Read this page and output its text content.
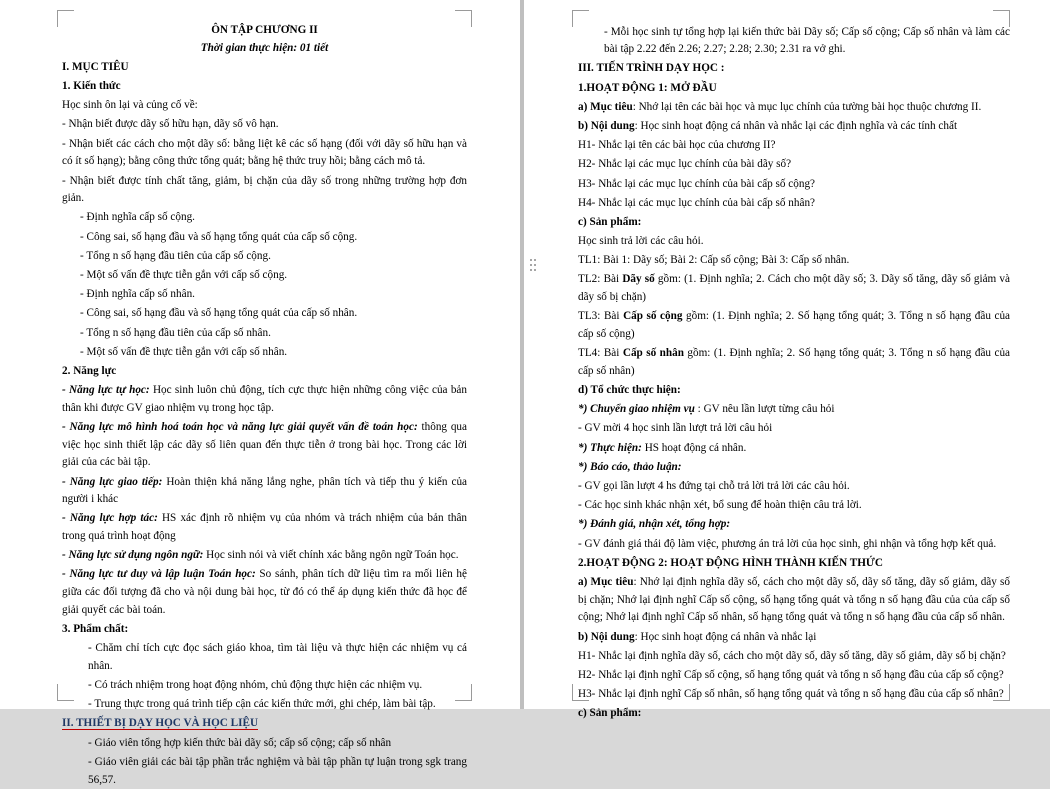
ÔN TẬP CHƯƠNG II

Thời gian thực hiện: 01 tiết

I. MỤC TIÊU

1. Kiến thức

Học sinh ôn lại và củng cố về:

- Nhận biết được dãy số hữu hạn, dãy số vô hạn.

- Nhận biết các cách cho một dãy số: bằng liệt kê các số hạng (đối với dãy số hữu hạn và có ít số hạng); bằng công thức tổng quát; bằng hệ thức truy hồi; bằng cách mô tả.

- Nhận biết được tính chất tăng, giảm, bị chặn của dãy số trong những trường hợp đơn giản.

- Định nghĩa cấp số cộng.

- Công sai, số hạng đầu và số hạng tổng quát của cấp số cộng.

- Tổng n số hạng đầu tiên của cấp số cộng.

- Một số vấn đề thực tiễn gắn với cấp số cộng.

- Định nghĩa cấp số nhân.

- Công sai, số hạng đầu và số hạng tổng quát của cấp số nhân.

- Tổng n số hạng đầu tiên của cấp số nhân.

- Một số vấn đề thực tiễn gắn với cấp số nhân.

2. Năng lực

- Năng lực tự học: Học sinh luôn chủ động, tích cực thực hiện những công việc của bản thân khi được GV giao nhiệm vụ trong học tập.

- Năng lực mô hình hoá toán học và năng lực giải quyết vấn đề toán học: thông qua việc học sinh thiết lập các dãy số liên quan đến thực tiễn ở trong bài học. Trong các lời giải của các bài tập.

- Năng lực giao tiếp: Hoàn thiện khả năng lắng nghe, phân tích và tiếp thu ý kiến của người i khác

- Năng lực hợp tác: HS xác định rõ nhiệm vụ của nhóm và trách nhiệm của bản thân trong quá trình hoạt động

- Năng lực sử dụng ngôn ngữ: Học sinh nói và viết chính xác bằng ngôn ngữ Toán học.

- Năng lực tư duy và lập luận Toán học: So sánh, phân tích dữ liệu tìm ra mối liên hệ giữa các đối tượng đã cho và nội dung bài học, từ đó có thể áp dụng kiến thức đã học để giải quyết các bài toán.

3. Phẩm chất:

- Chăm chỉ tích cực đọc sách giáo khoa, tìm tài liệu và thực hiện các nhiệm vụ cá nhân.

- Có trách nhiệm trong hoạt động nhóm, chủ động thực hiện các nhiệm vụ.

- Trung thực trong quá trình tiếp cận các kiến thức mới, ghi chép, làm bài tập.

II. THIẾT BỊ DẠY HỌC VÀ HỌC LIỆU

- Giáo viên tổng hợp kiến thức bài dãy số; cấp số cộng; cấp số nhân

- Giáo viên giải các bài tập phần trắc nghiệm và bài tập phần tự luận trong sgk trang 56,57.

- Mỗi học sinh tự tổng hợp lại kiến thức bài Dãy số; Cấp số cộng; Cấp số nhân và làm các bài tập 2.22 đến 2.26; 2.27; 2.28; 2.30; 2.31 ra vở ghi.

III. TIẾN TRÌNH DẠY HỌC :

1.HOẠT ĐỘNG 1: MỞ ĐẦU

a) Mục tiêu: Nhớ lại tên các bài học và mục lục chính của tường bài học thuộc chương II.

b) Nội dung: Học sinh hoạt động cá nhân và nhắc lại các định nghĩa và các tính chất

H1- Nhắc lại tên các bài học của chương II?

H2- Nhắc lại các mục lục chính của bài dãy số?

H3- Nhắc lại các mục lục chính của bài cấp số cộng?

H4- Nhắc lại các mục lục chính của bài cấp số nhân?

c) Sản phẩm:

Học sinh trả lời các câu hỏi.

TL1: Bài 1: Dãy số; Bài 2: Cấp số cộng; Bài 3: Cấp số nhân.

TL2: Bài Dãy số gồm: (1. Định nghĩa; 2. Cách cho một dãy số; 3. Dãy số tăng, dãy số giảm và dãy số bị chặn)

TL3: Bài Cấp số cộng gồm: (1. Định nghĩa; 2. Số hạng tổng quát; 3. Tổng n số hạng đầu của cấp số cộng)

TL4: Bài Cấp số nhân gồm: (1. Định nghĩa; 2. Số hạng tổng quát; 3. Tổng n số hạng đầu của cấp số nhân)

d) Tổ chức thực hiện:

*) Chuyển giao nhiệm vụ : GV nêu lần lượt từng câu hỏi

- GV mời 4 học sinh lần lượt trả lời câu hỏi

*) Thực hiện: HS hoạt động cá nhân.

*) Báo cáo, thảo luận:

- GV gọi lần lượt 4 hs đứng tại chỗ trả lời trả lời các câu hỏi.

- Các học sinh khác nhận xét, bổ sung để hoàn thiện câu trả lời.

*) Đánh giá, nhận xét, tổng hợp:

- GV đánh giá thái độ làm việc, phương án trả lời của học sinh, ghi nhận và tổng hợp kết quả.

2.HOẠT ĐỘNG 2: HOẠT ĐỘNG HÌNH THÀNH KIẾN THỨC

a) Mục tiêu: Nhớ lại định nghĩa dãy số, cách cho một dãy số, dãy số tăng, dãy số giảm, dãy số bị chặn; Nhớ lại định nghĩ Cấp số cộng, số hạng tổng quát và tổng n số hạng đầu của của cấp số cộng; Nhớ lại định nghĩ Cấp số nhân, số hạng tổng quát và tổng n số hạng đầu của cấp số nhân.

b) Nội dung: Học sinh hoạt động cá nhân và nhắc lại

H1- Nhắc lại định nghĩa dãy số, cách cho một dãy số, dãy số tăng, dãy số giảm, dãy số bị chặn?

H2- Nhắc lại định nghĩ Cấp số cộng, số hạng tổng quát và tổng n số hạng đầu của cấp số cộng?

H3- Nhắc lại định nghĩ Cấp số nhân, số hạng tổng quát và tổng n số hạng đầu của cấp số nhân?

c) Sản phẩm:
